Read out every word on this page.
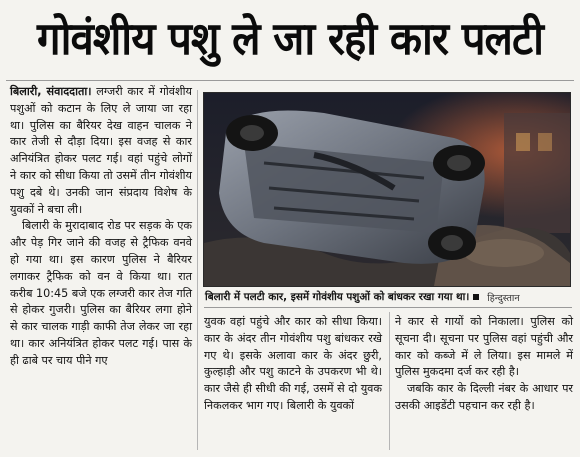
गोवंशीय पशु ले जा रही कार पलटी

बिलारी, संवाददाता। लग्जरी कार में गोवंशीय पशुओं को कटान के लिए ले जाया जा रहा था। पुलिस का बैरियर देख वाहन चालक ने कार तेजी से दौड़ा दिया। इस वजह से कार अनियंत्रित होकर पलट गई। वहां पहुंचे लोगों ने कार को सीधा किया तो उसमें तीन गोवंशीय पशु दबे थे। उनकी जान संप्रदाय विशेष के युवकों ने बचा ली।

बिलारी के मुरादाबाद रोड पर सड़क के एक और पेड़ गिर जाने की वजह से ट्रैफिक वनवे हो गया था। इस कारण पुलिस ने बैरियर लगाकर ट्रैफिक को वन वे किया था। रात करीब 10:45 बजे एक लग्जरी कार तेज गति से होकर गुजरी। पुलिस का बैरियर लगा होने से कार चालक गाड़ी काफी तेज लेकर जा रहा था। कार अनियंत्रित होकर पलट गई। पास के ही ढाबे पर चाय पीने गए

बिलारी में पलटी कार, इसमें गोवंशीय पशुओं को बांधकर रखा गया था। हिन्दुस्तान

युवक वहां पहुंचे और कार को सीधा किया। कार के अंदर तीन गोवंशीय पशु बांधकर रखे गए थे। इसके अलावा कार के अंदर छुरी, कुल्हाड़ी और पशु काटने के उपकरण भी थे। कार जैसे ही सीधी की गई, उसमें से दो युवक निकलकर भाग गए। बिलारी के युवकों

ने कार से गायों को निकाला। पुलिस को सूचना दी। सूचना पर पुलिस वहां पहुंची और कार को कब्जे में ले लिया। इस मामले में पुलिस मुकदमा दर्ज कर रही है।

जबकि कार के दिल्ली नंबर के आधार पर उसकी आइडेंटी पहचान कर रही है।
